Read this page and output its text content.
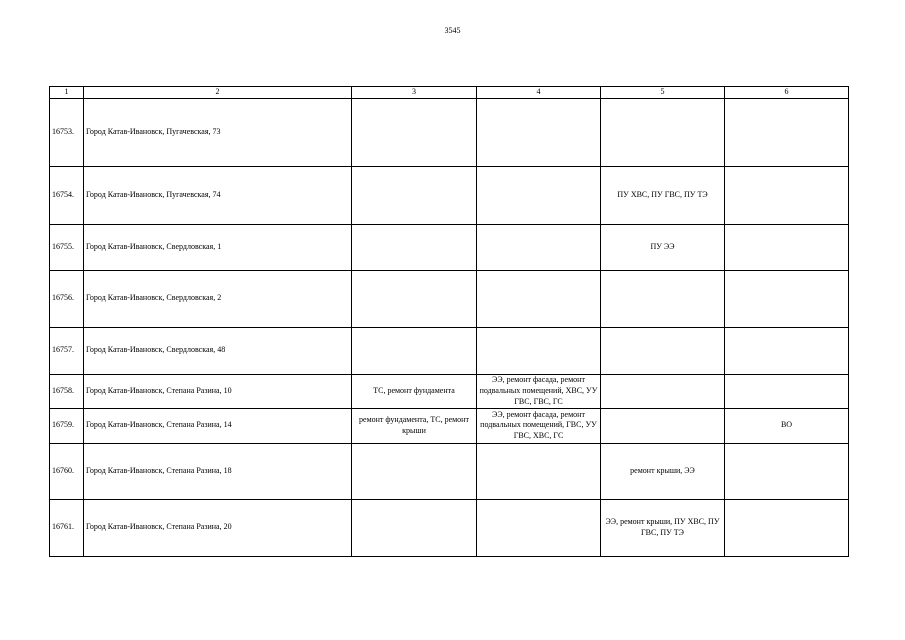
3545
1	2	3	4	5	6
16753.	Город Катав-Ивановск, Пугачевская, 73				
16754.	Город Катав-Ивановск, Пугачевская, 74			ПУ ХВС, ПУ ГВС, ПУ ТЭ	
16755.	Город Катав-Ивановск, Свердловская, 1			ПУ ЭЭ	
16756.	Город Катав-Ивановск, Свердловская, 2				
16757.	Город Катав-Ивановск, Свердловская, 48				
16758.	Город Катав-Ивановск, Степана Разина, 10	ТС, ремонт фундамента	ЭЭ, ремонт фасада, ремонт подвальных помещений, ХВС, УУ ГВС, ГВС, ГС		
16759.	Город Катав-Ивановск, Степана Разина, 14	ремонт фундамента, ТС, ремонт крыши	ЭЭ, ремонт фасада, ремонт подвальных помещений, ГВС, УУ ГВС, ХВС, ГС		ВО
16760.	Город Катав-Ивановск, Степана Разина, 18			ремонт крыши, ЭЭ	
16761.	Город Катав-Ивановск, Степана Разина, 20			ЭЭ, ремонт крыши, ПУ ХВС, ПУ ГВС, ПУ ТЭ	
